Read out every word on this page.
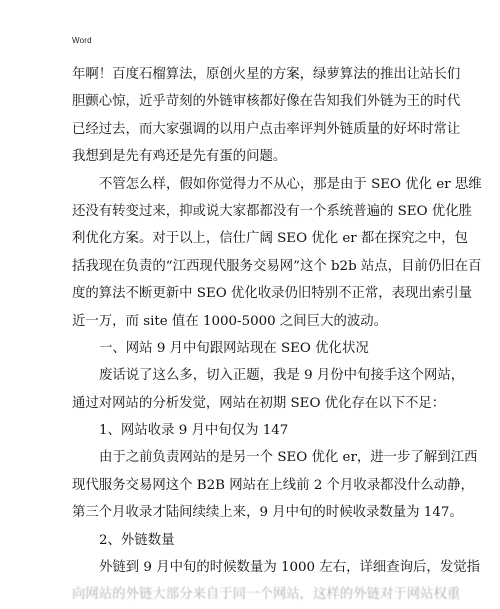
Word
年啊！百度石榴算法，原创火星的方案，绿萝算法的推出让站长们
胆颤心惊，近乎苛刻的外链审核都好像在告知我们外链为王的时代
已经过去，而大家强调的以用户点击率评判外链质量的好坏时常让
我想到是先有鸡还是先有蛋的问题。
不管怎么样，假如你觉得力不从心，那是由于 SEO 优化 er 思维
还没有转变过来，抑或说大家都都没有一个系统普遍的 SEO 优化胜
利优化方案。对于以上，信仕广阔 SEO 优化 er 都在探究之中，包
括我现在负责的“江西现代服务交易网”这个 b2b 站点，目前仍旧在百
度的算法不断更新中 SEO 优化收录仍旧特别不正常，表现出索引量
近一万，而 site 值在 1000-5000 之间巨大的波动。
一、网站 9 月中旬跟网站现在 SEO 优化状况
废话说了这么多，切入正题，我是 9 月份中旬接手这个网站，
通过对网站的分析发觉，网站在初期 SEO 优化存在以下不足：
1、网站收录 9 月中旬仅为 147
由于之前负责网站的是另一个 SEO 优化 er，进一步了解到江西
现代服务交易网这个 B2B 网站在上线前 2 个月收录都没什么动静，
第三个月收录才陆间续续上来，9 月中旬的时候收录数量为 147。
2、外链数量
外链到 9 月中旬的时候数量为 1000 左右，详细查询后，发觉指
向网站的外链大部分来自于同一个网站，这样的外链对于网站权重
